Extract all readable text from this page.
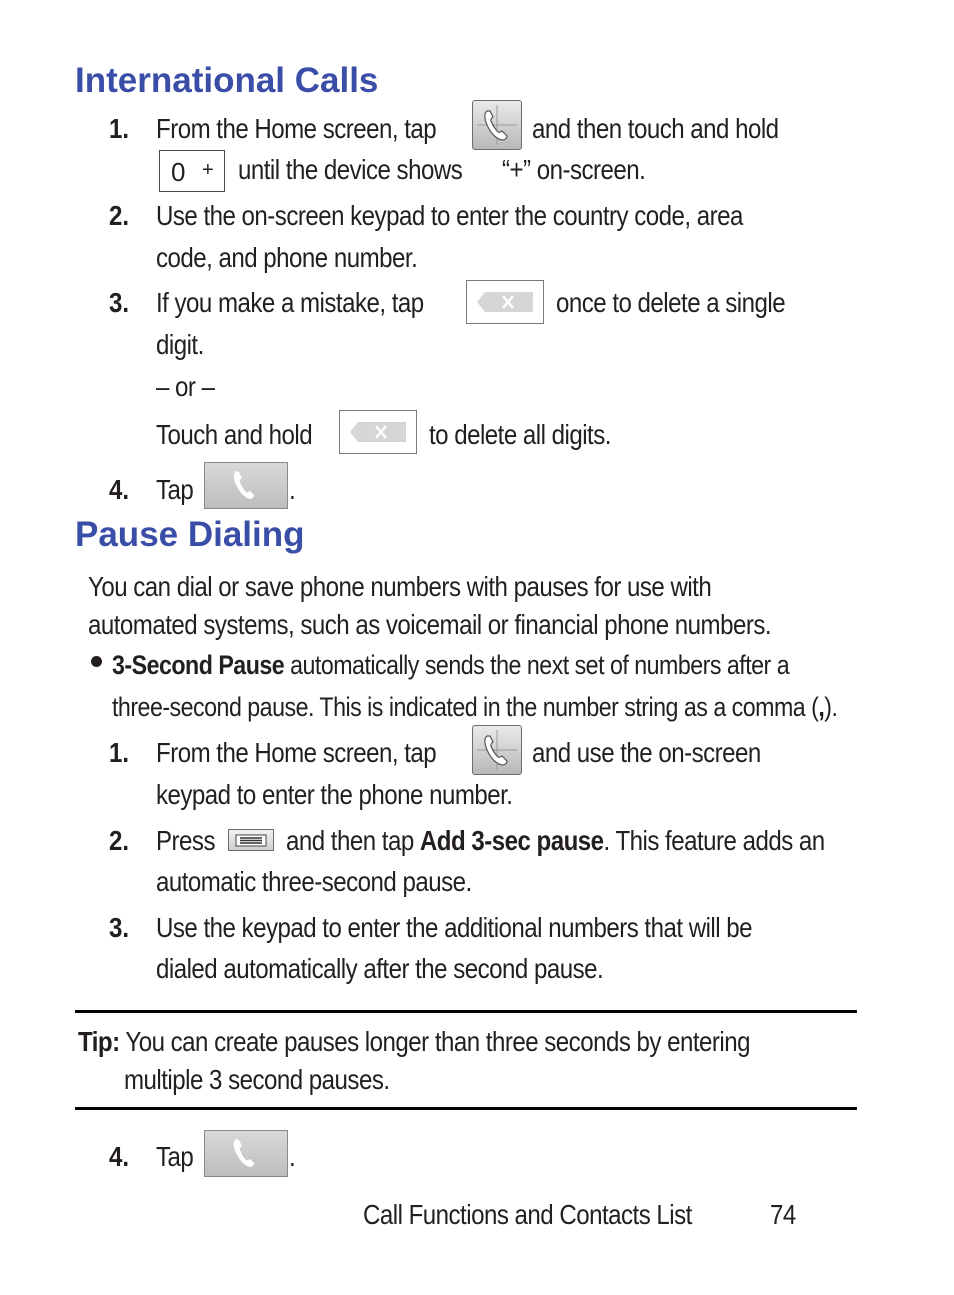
International Calls
1. From the Home screen, tap	and then touch and hold
0 + until the device shows “+” on-screen.
2. Use the on-screen keypad to enter the country code, area
code, and phone number.
3. If you make a mistake, tap	once to delete a single
digit.
– or –
Touch and hold	to delete all digits.
4. Tap	.
Pause Dialing
You can dial or save phone numbers with pauses for use with
automated systems, such as voicemail or financial phone numbers.
3-Second Pause automatically sends the next set of numbers after a
three-second pause. This is indicated in the number string as a comma (,).
1. From the Home screen, tap	and use the on-screen
keypad to enter the phone number.
2. Press	and then tap Add 3-sec pause. This feature adds an
automatic three-second pause.
3. Use the keypad to enter the additional numbers that will be
dialed automatically after the second pause.
Tip: You can create pauses longer than three seconds by entering
multiple 3 second pauses.
4. Tap	.
Call Functions and Contacts List	74
